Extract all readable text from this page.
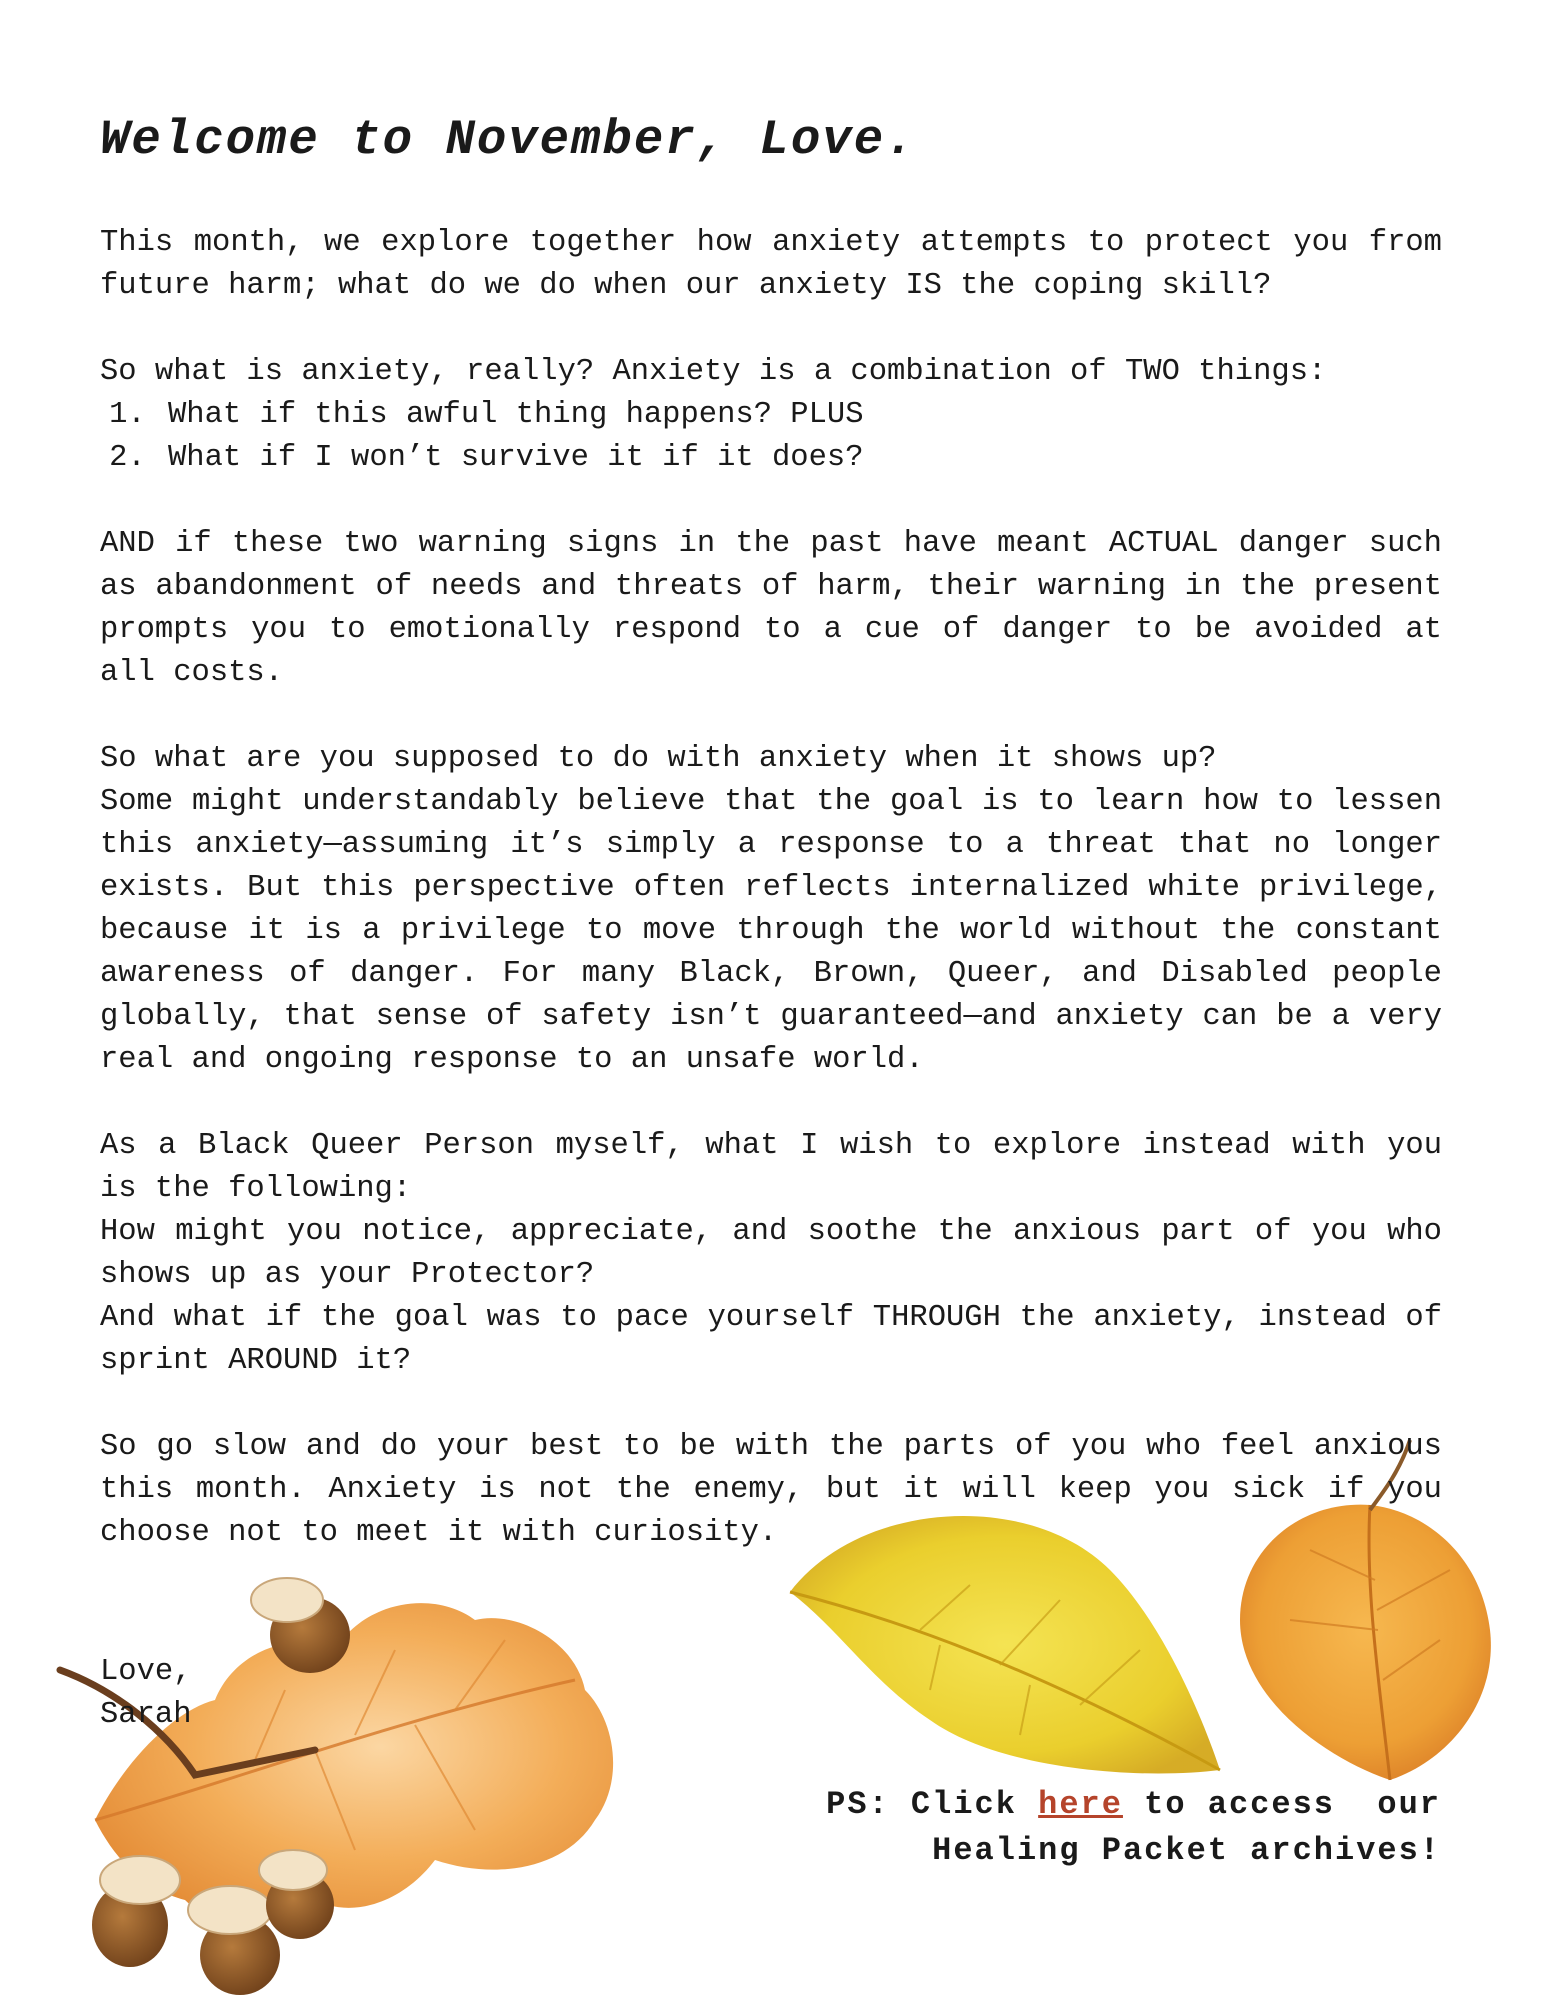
Welcome to November, Love.

This month, we explore together how anxiety attempts to protect you from future harm; what do we do when our anxiety IS the coping skill?

So what is anxiety, really? Anxiety is a combination of TWO things:

1. What if this awful thing happens? PLUS
2. What if I won’t survive it if it does?

AND if these two warning signs in the past have meant ACTUAL danger such as abandonment of needs and threats of harm, their warning in the present prompts you to emotionally respond to a cue of danger to be avoided at all costs.

So what are you supposed to do with anxiety when it shows up?

Some might understandably believe that the goal is to learn how to lessen this anxiety—assuming it’s simply a response to a threat that no longer exists. But this perspective often reflects internalized white privilege, because it is a privilege to move through the world without the constant awareness of danger. For many Black, Brown, Queer, and Disabled people globally, that sense of safety isn’t guaranteed—and anxiety can be a very real and ongoing response to an unsafe world.

As a Black Queer Person myself, what I wish to explore instead with you is the following:

How might you notice, appreciate, and soothe the anxious part of you who shows up as your Protector?

And what if the goal was to pace yourself THROUGH the anxiety, instead of sprint AROUND it?

So go slow and do your best to be with the parts of you who feel anxious this month. Anxiety is not the enemy, but it will keep you sick if you choose not to meet it with curiosity.

Love,
Sarah
PS: Click here to access  our
Healing Packet archives!
